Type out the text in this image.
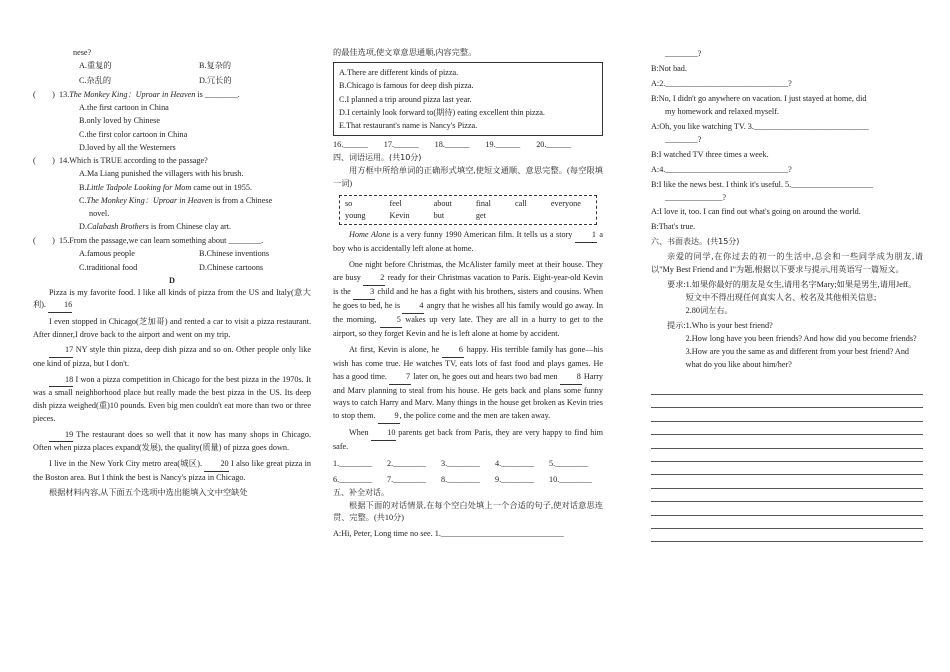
nese?

A.重复的	B.复杂的
C.杂乱的	D.冗长的
(　　) 13.The Monkey King：Uproar in Heaven is ________.

A.the first cartoon in China

B.only loved by Chinese

C.the first color cartoon in China

D.loved by all the Westerners

(　　) 14.Which is TRUE according to the passage?

A.Ma Liang punished the villagers with his brush.

B.Little Tadpole Looking for Mom came out in 1955.

C.The Monkey King：Uproar in Heaven is from a Chinese

novel.

D.Calabash Brothers is from Chinese clay art.

(　　) 15.From the passage,we can learn something about ________.
A.famous people	B.Chinese inventions
C.traditional food	D.Chinese cartoons

D

Pizza is my favorite food. I like all kinds of pizza from the US and Italy(意大利). 16

I even stopped in Chicago(芝加哥) and rented a car to visit a pizza restaurant. After dinner,I drove back to the airport and went on my trip.

17 NY style thin pizza, deep dish pizza and so on. Other people only like one kind of pizza, but I don't.

18 I won a pizza competition in Chicago for the best pizza in the 1970s. It was a small neighborhood place but really made the best pizza in the US. Its deep dish pizza weighed(重)10 pounds. Even big men couldn't eat more than two or three pieces.

19 The restaurant does so well that it now has many shops in Chicago. Often when pizza places expand(发展), the quality(质量) of pizza goes down.

I live in the New York City metro area(城区). 20 I also like great pizza in the Boston area. But I think the best is Nancy's pizza in Chicago.

根据材料内容,从下面五个选项中选出能填入文中空缺处

的最佳选项,使文章意思通顺,内容完整。

A.There are different kinds of pizza.

B.Chicago is famous for deep dish pizza.

C.I planned a trip around pizza last year.

D.I certainly look forward to(期待) eating excellent thin pizza.

E.That restaurant's name is Nancy's Pizza.

16.______ 17.______ 18.______ 19.______ 20.______

四、词语运用。(共10分)

用方框中所给单词的正确形式填空,使短文通顺、意思完整。(每空限填一词)

so	feel	about	final	call	everyone
young	Kevin	but	get

Home Alone is a very funny 1990 American film. It tells us a story 1 a boy who is accidentally left alone at home.

One night before Christmas, the McAlister family meet at their house. They are busy 2 ready for their Christmas vacation to Paris. Eight-year-old Kevin is the 3 child and he has a fight with his brothers, sisters and cousins. When he goes to bed, he is 4 angry that he wishes all his family would go away. In the morning, 5 wakes up very late. They are all in a hurry to get to the airport, so they forget Kevin and he is left alone at home by accident.

At first, Kevin is alone, he 6 happy. His terrible family has gone—his wish has come true. He watches TV, eats lots of fast food and plays games. He has a good time. 7 later on, he goes out and hears two bad men 8 Harry and Marv planning to steal from his house. He gets back and plans some funny ways to catch Harry and Marv. Many things in the house get broken as Kevin tries to stop them. 9, the police come and the men are taken away.

When 10 parents get back from Paris, they are very happy to find him safe.

1.________	2.________	3.________	4.________	5.________
6.________	7.________	8.________	9.________	10.________

五、补全对话。

根据下面的对话情景,在每个空白处填上一个合适的句子,使对话意思连贯、完整。(共10分)

A:Hi, Peter, Long time no see. 1.______________________________

________?

B:Not bad.

A:2.______________________________?

B:No, I didn't go anywhere on vacation. I just stayed at home, did

my homework and relaxed myself.

A:Oh, you like watching TV. 3.____________________________

________?

B:I watched TV three times a week.

A:4.______________________________?

B:I like the news best. I think it's useful. 5.____________________

______________?

A:I love it, too. I can find out what's going on around the world.

B:That's true.

六、书面表达。(共15分)

亲爱的同学,在你过去的初一的生活中,总会和一些同学成为朋友,请以"My Best Friend and I"为题,根据以下要求与提示,用英语写一篇短文。

要求: 1.如果你最好的朋友是女生,请用名字Mary;如果是男生,请用Jeff。短文中不得出现任何真实人名、校名及其他相关信息;

2.80词左右。

提示: 1.Who is your best friend?

2.How long have you been friends? And how did you become friends?

3.How are you the same as and different from your best friend? And what do you like about him/her?
